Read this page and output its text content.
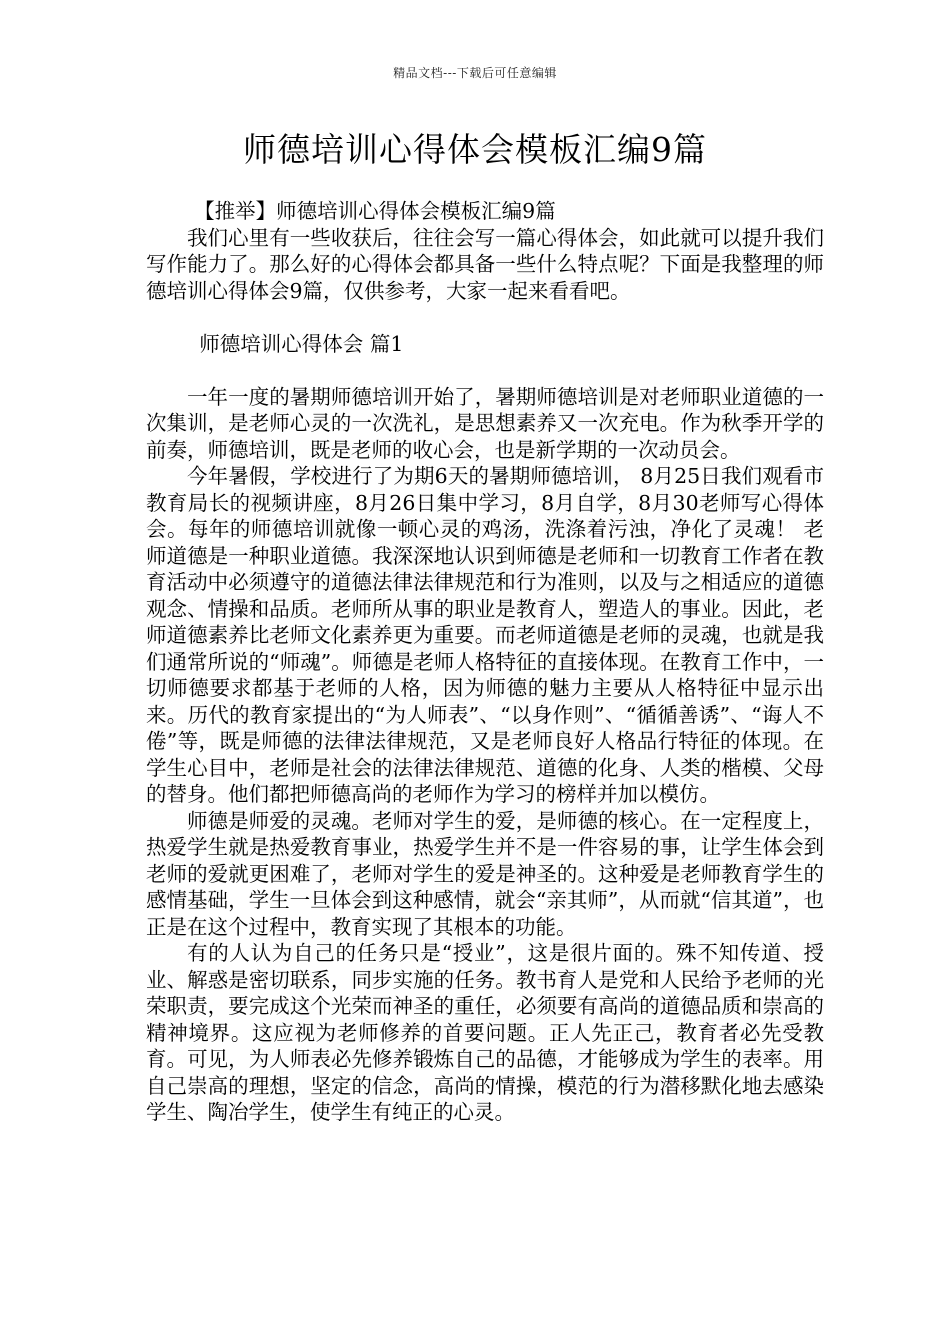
精品文档---下载后可任意编辑
师德培训心得体会模板汇编9篇

【推举】师德培训心得体会模板汇编9篇

我们心里有一些收获后，往往会写一篇心得体会，如此就可以提升我们写作能力了。那么好的心得体会都具备一些什么特点呢？下面是我整理的师德培训心得体会9篇，仅供参考，大家一起来看看吧。

师德培训心得体会 篇1

一年一度的暑期师德培训开始了，暑期师德培训是对老师职业道德的一次集训，是老师心灵的一次洗礼，是思想素养又一次充电。作为秋季开学的前奏，师德培训，既是老师的收心会，也是新学期的一次动员会。

今年暑假，学校进行了为期6天的暑期师德培训， 8月25日我们观看市教育局长的视频讲座，8月26日集中学习，8月自学，8月30老师写心得体会。每年的师德培训就像一顿心灵的鸡汤，洗涤着污浊，净化了灵魂！ 老师道德是一种职业道德。我深深地认识到师德是老师和一切教育工作者在教育活动中必须遵守的道德法律法律规范和行为准则，以及与之相适应的道德观念、情操和品质。老师所从事的职业是教育人，塑造人的事业。因此，老师道德素养比老师文化素养更为重要。而老师道德是老师的灵魂，也就是我们通常所说的“师魂”。师德是老师人格特征的直接体现。在教育工作中，一切师德要求都基于老师的人格，因为师德的魅力主要从人格特征中显示出来。历代的教育家提出的“为人师表”、“以身作则”、“循循善诱”、“诲人不倦”等，既是师德的法律法律规范，又是老师良好人格品行特征的体现。在学生心目中，老师是社会的法律法律规范、道德的化身、人类的楷模、父母的替身。他们都把师德高尚的老师作为学习的榜样并加以模仿。

师德是师爱的灵魂。老师对学生的爱，是师德的核心。在一定程度上，热爱学生就是热爱教育事业，热爱学生并不是一件容易的事，让学生体会到老师的爱就更困难了，老师对学生的爱是神圣的。这种爱是老师教育学生的感情基础，学生一旦体会到这种感情，就会“亲其师”，从而就“信其道”，也正是在这个过程中，教育实现了其根本的功能。

有的人认为自己的任务只是“授业”，这是很片面的。殊不知传道、授业、解惑是密切联系，同步实施的任务。教书育人是党和人民给予老师的光荣职责，要完成这个光荣而神圣的重任，必须要有高尚的道德品质和崇高的精神境界。这应视为老师修养的首要问题。正人先正己，教育者必先受教育。可见，为人师表必先修养锻炼自己的品德，才能够成为学生的表率。用自己崇高的理想，坚定的信念，高尚的情操，模范的行为潜移默化地去感染学生、陶冶学生，使学生有纯正的心灵。
